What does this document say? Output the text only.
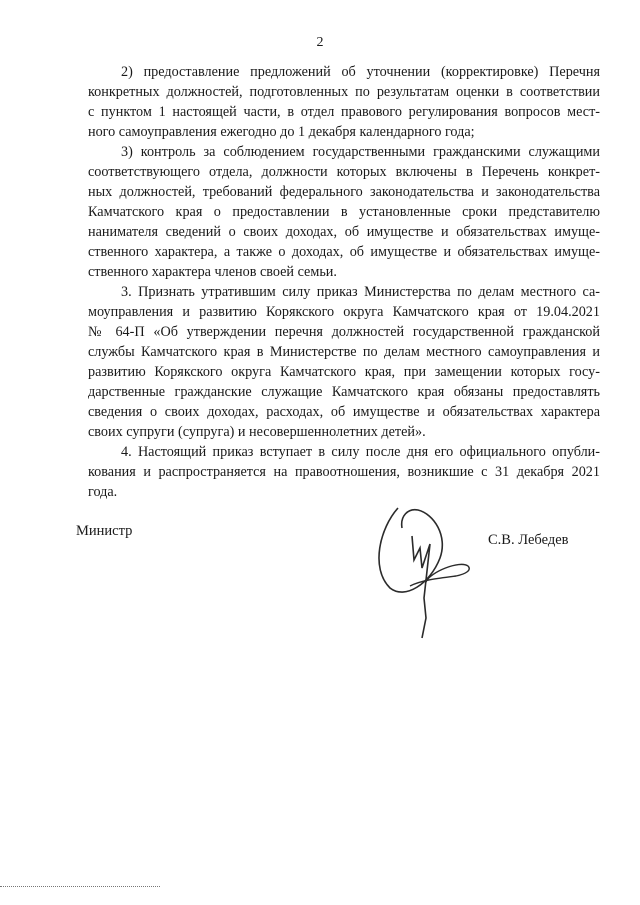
2
2) предоставление предложений об уточнении (корректировке) Перечня
конкретных должностей, подготовленных по результатам оценки в соответствии
с пунктом 1 настоящей части, в отдел правового регулирования вопросов мест-
ного самоуправления ежегодно до 1 декабря календарного года;
3) контроль за соблюдением государственными гражданскими служащими
соответствующего отдела, должности которых включены в Перечень конкрет-
ных должностей, требований федерального законодательства и законодательства
Камчатского края о предоставлении в установленные сроки представителю
нанимателя сведений о своих доходах, об имуществе и обязательствах имуще-
ственного характера, а также о доходах, об имуществе и обязательствах имуще-
ственного характера членов своей семьи.
3. Признать утратившим силу приказ Министерства по делам местного са-
моуправления и развитию Корякского округа Камчатского края от 19.04.2021
№ 64-П «Об утверждении перечня должностей государственной гражданской
службы Камчатского края в Министерстве по делам местного самоуправления и
развитию Корякского округа Камчатского края, при замещении которых госу-
дарственные гражданские служащие Камчатского края обязаны предоставлять
сведения о своих доходах, расходах, об имуществе и обязательствах характера
своих супруги (супруга) и несовершеннолетних детей».
4. Настоящий приказ вступает в силу после дня его официального опубли-
кования и распространяется на правоотношения, возникшие с 31 декабря 2021
года.
Министр
С.В. Лебедев
